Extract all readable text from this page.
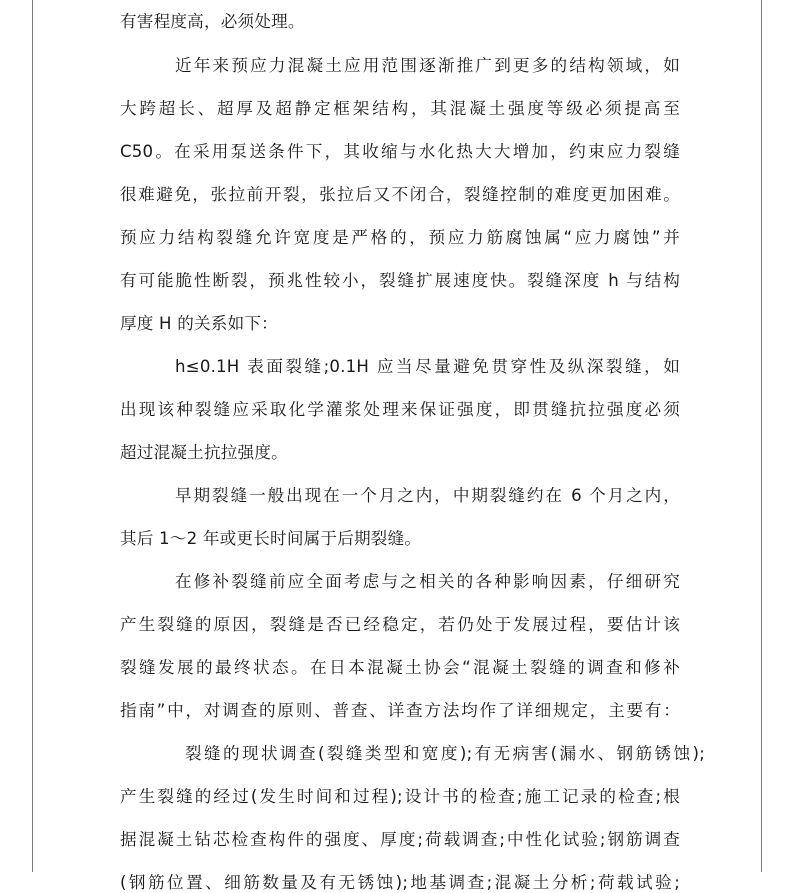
有害程度高，必须处理。
近年来预应力混凝土应用范围逐渐推广到更多的结构领域，如
大跨超长、超厚及超静定框架结构，其混凝土强度等级必须提高至
C50。在采用泵送条件下，其收缩与水化热大大增加，约束应力裂缝
很难避免，张拉前开裂，张拉后又不闭合，裂缝控制的难度更加困难。
预应力结构裂缝允许宽度是严格的，预应力筋腐蚀属“应力腐蚀”并
有可能脆性断裂，预兆性较小，裂缝扩展速度快。裂缝深度 h 与结构
厚度 H 的关系如下：
h≤0.1H 表面裂缝;0.1H 应当尽量避免贯穿性及纵深裂缝，如
出现该种裂缝应采取化学灌浆处理来保证强度，即贯缝抗拉强度必须
超过混凝土抗拉强度。
早期裂缝一般出现在一个月之内，中期裂缝约在 6 个月之内，
其后 1～2 年或更长时间属于后期裂缝。
在修补裂缝前应全面考虑与之相关的各种影响因素，仔细研究
产生裂缝的原因，裂缝是否已经稳定，若仍处于发展过程，要估计该
裂缝发展的最终状态。在日本混凝土协会“混凝土裂缝的调查和修补
指南”中，对调查的原则、普查、详查方法均作了详细规定，主要有：
裂缝的现状调查(裂缝类型和宽度);有无病害(漏水、钢筋锈蚀);
产生裂缝的经过(发生时间和过程);设计书的检查;施工记录的检查;根
据混凝土钻芯检查构件的强度、厚度;荷载调查;中性化试验;钢筋调查
(钢筋位置、细筋数量及有无锈蚀);地基调查;混凝土分析;荷载试验;
